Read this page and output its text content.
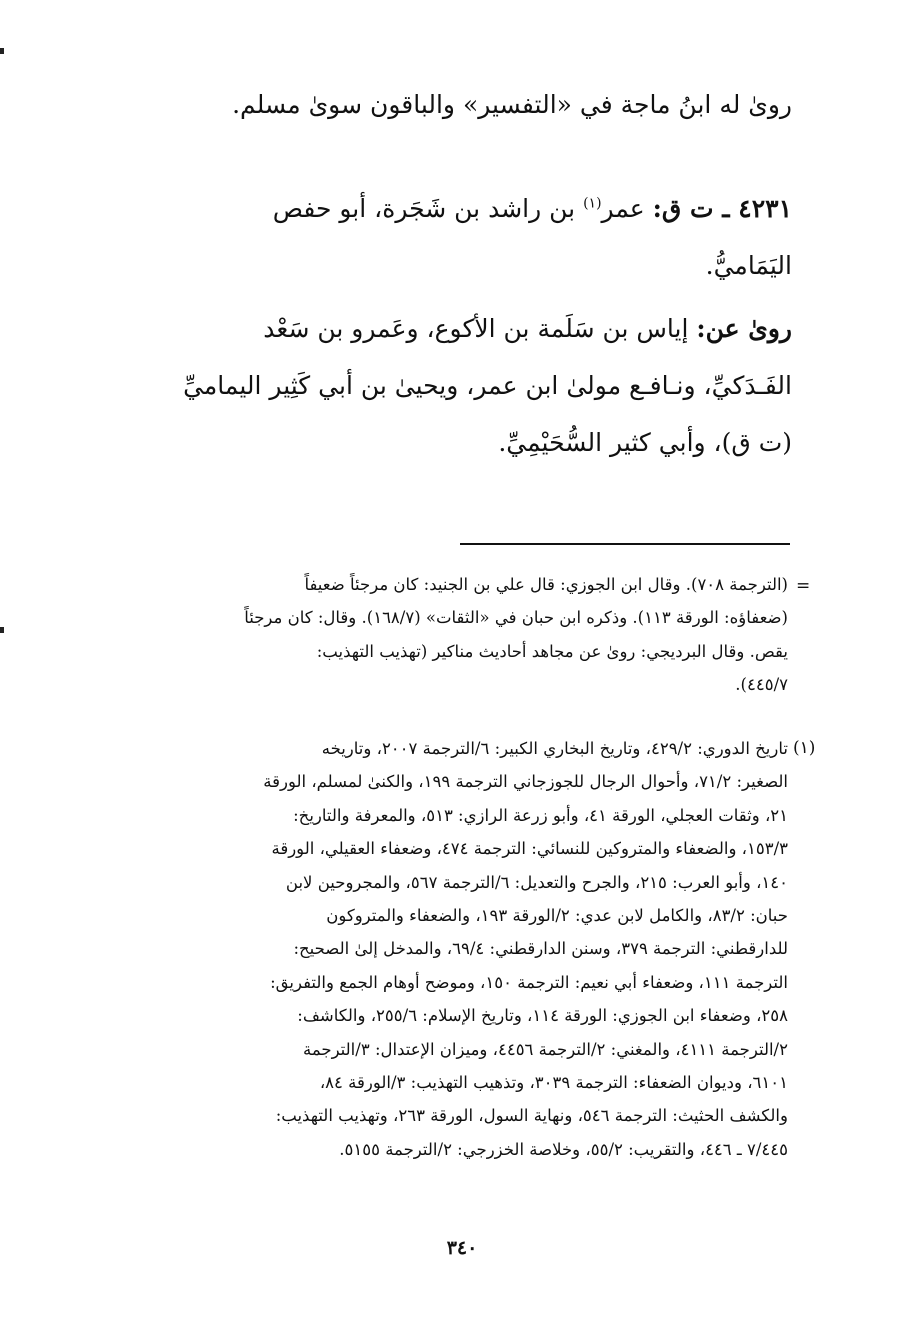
رویٰ له ابنُ ماجة في «التفسير» والباقون سویٰ مسلم.
٤٢٣١ ـ ت ق: عمر$^{(١)}$ بن راشد بن شَجَرة، أبو حفص
اليَمَاميُّ.
رویٰ عن: إياس بن سَلَمة بن الأكوع، وعَمرو بن سَعْد
الفَـدَكيِّ، ونـافـع مولیٰ ابن عمر، ويحيیٰ بن أبي كَثِير اليماميِّ
(ت ق)، وأبي كثير السُّحَيْمِيِّ.
=
(الترجمة ٧٠٨). وقال ابن الجوزي: قال علي بن الجنيد: كان مرجئاً ضعيفاً
(ضعفاؤه: الورقة ١١٣). وذكره ابن حبان في «الثقات» (١٦٨/٧). وقال: كان مرجئاً
يقص. وقال البرديجي: رویٰ عن مجاهد أحاديث مناكير (تهذيب التهذيب:
٤٤٥/٧).
(١)
تاريخ الدوري: ٤٢٩/٢، وتاريخ البخاري الكبير: ٦/الترجمة ٢٠٠٧، وتاريخه
الصغير: ٧١/٢، وأحوال الرجال للجوزجاني الترجمة ١٩٩، والكنیٰ لمسلم، الورقة
٢١، وثقات العجلي، الورقة ٤١، وأبو زرعة الرازي: ٥١٣، والمعرفة والتاريخ:
١٥٣/٣، والضعفاء والمتروكين للنسائي: الترجمة ٤٧٤، وضعفاء العقيلي، الورقة
١٤٠، وأبو العرب: ٢١٥، والجرح والتعديل: ٦/الترجمة ٥٦٧، والمجروحين لابن
حبان: ٨٣/٢، والكامل لابن عدي: ٢/الورقة ١٩٣، والضعفاء والمتروكون
للدارقطني: الترجمة ٣٧٩، وسنن الدارقطني: ٦٩/٤، والمدخل إلیٰ الصحيح:
الترجمة ١١١، وضعفاء أبي نعيم: الترجمة ١٥٠، وموضح أوهام الجمع والتفريق:
٢٥٨، وضعفاء ابن الجوزي: الورقة ١١٤، وتاريخ الإسلام: ٢٥٥/٦، والكاشف:
٢/الترجمة ٤١١١، والمغني: ٢/الترجمة ٤٤٥٦، وميزان الإعتدال: ٣/الترجمة
٦١٠١، وديوان الضعفاء: الترجمة ٣٠٣٩، وتذهيب التهذيب: ٣/الورقة ٨٤،
والكشف الحثيث: الترجمة ٥٤٦، ونهاية السول، الورقة ٢٦٣، وتهذيب التهذيب:
٧/٤٤٥ ـ ٤٤٦، والتقريب: ٥٥/٢، وخلاصة الخزرجي: ٢/الترجمة ٥١٥٥.
٣٤٠
